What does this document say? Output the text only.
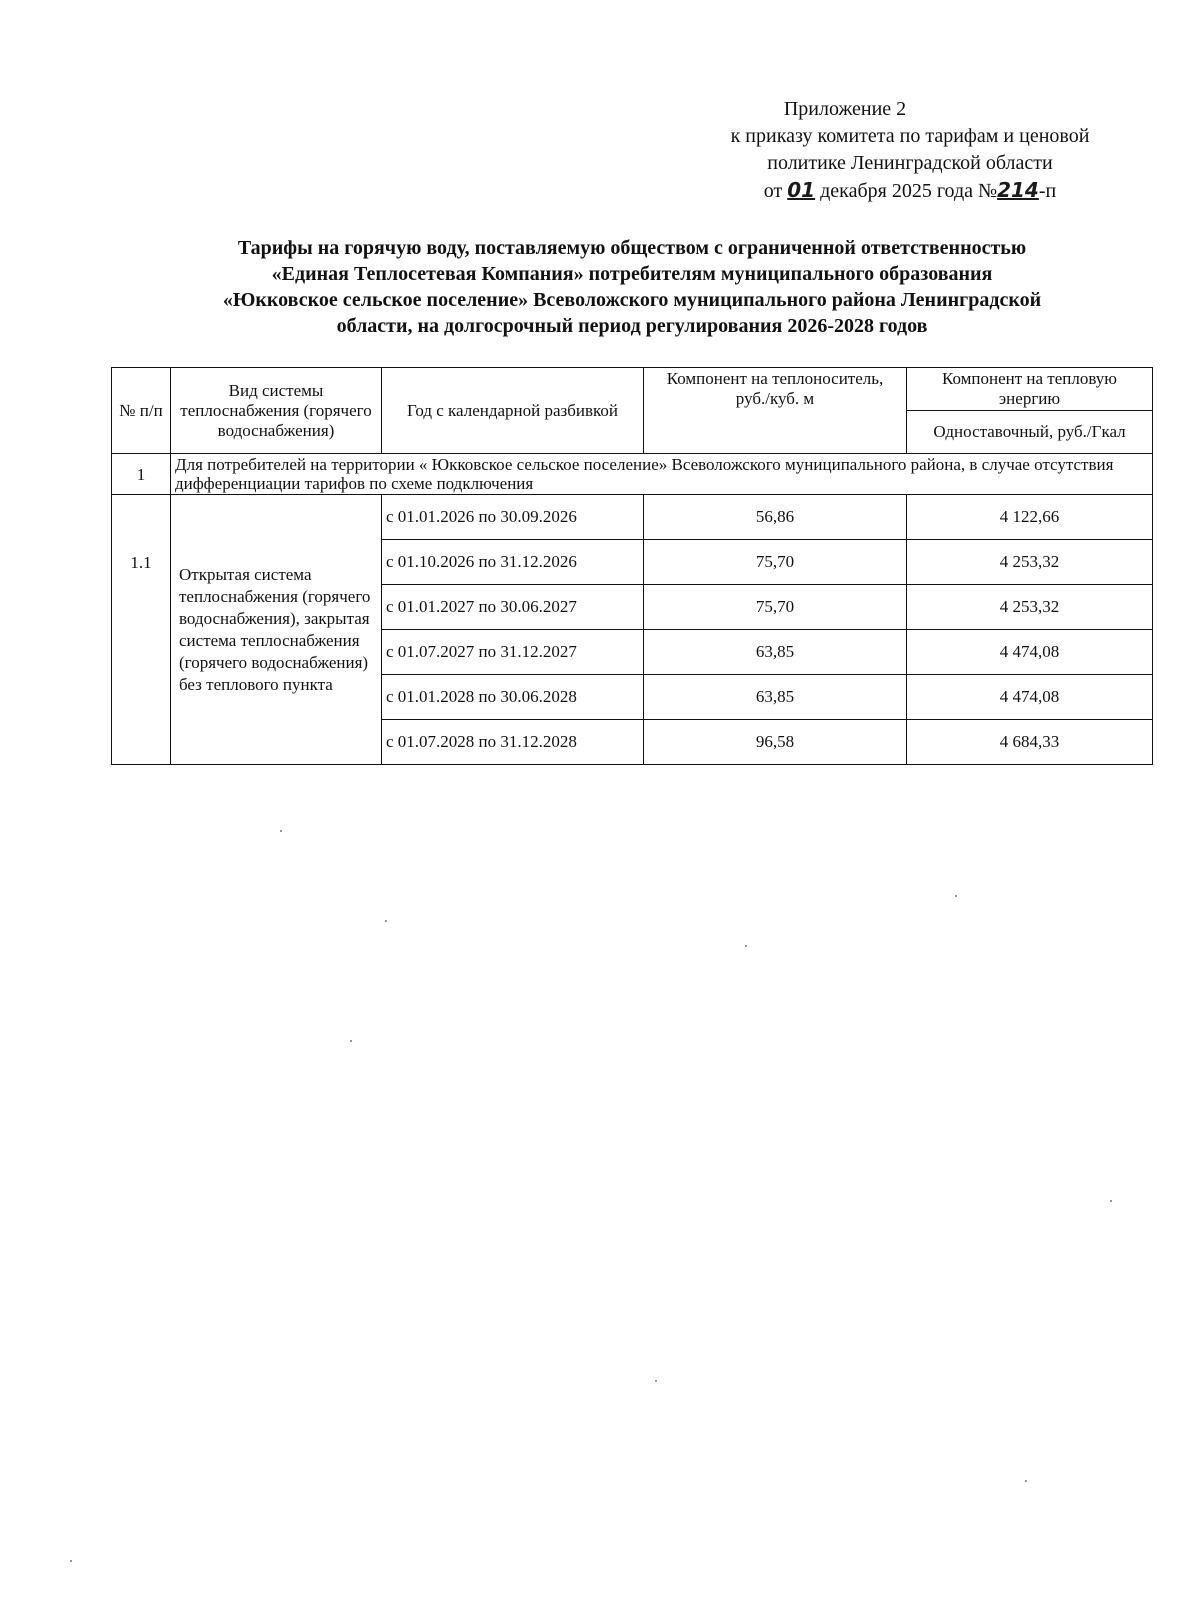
Приложение 2
к приказу комитета по тарифам и ценовой
политике Ленинградской области
от 01 декабря 2025 года №214-п
Тарифы на горячую воду, поставляемую обществом с ограниченной ответственностью
«Единая Теплосетевая Компания» потребителям муниципального образования
«Юкковское сельское поселение» Всеволожского муниципального района Ленинградской
области, на долгосрочный период регулирования 2026-2028 годов
№ п/п	Вид системы теплоснабжения (горячего водоснабжения)	Год с календарной разбивкой	Компонент на теплоноситель, руб./куб. м	Компонент на тепловую энергию
				Одноставочный, руб./Гкал
1	Для потребителей на территории « Юкковское сельское поселение» Всеволожского муниципального района, в случае отсутствия дифференциации тарифов по схеме подключения			
1.1	Открытая система теплоснабжения (горячего водоснабжения), закрытая система теплоснабжения (горячего водоснабжения) без теплового пункта	с 01.01.2026 по 30.09.2026	56,86	4 122,66
		с 01.10.2026 по 31.12.2026	75,70	4 253,32
		с 01.01.2027 по 30.06.2027	75,70	4 253,32
		с 01.07.2027 по 31.12.2027	63,85	4 474,08
		с 01.01.2028 по 30.06.2028	63,85	4 474,08
		с 01.07.2028 по 31.12.2028	96,58	4 684,33
